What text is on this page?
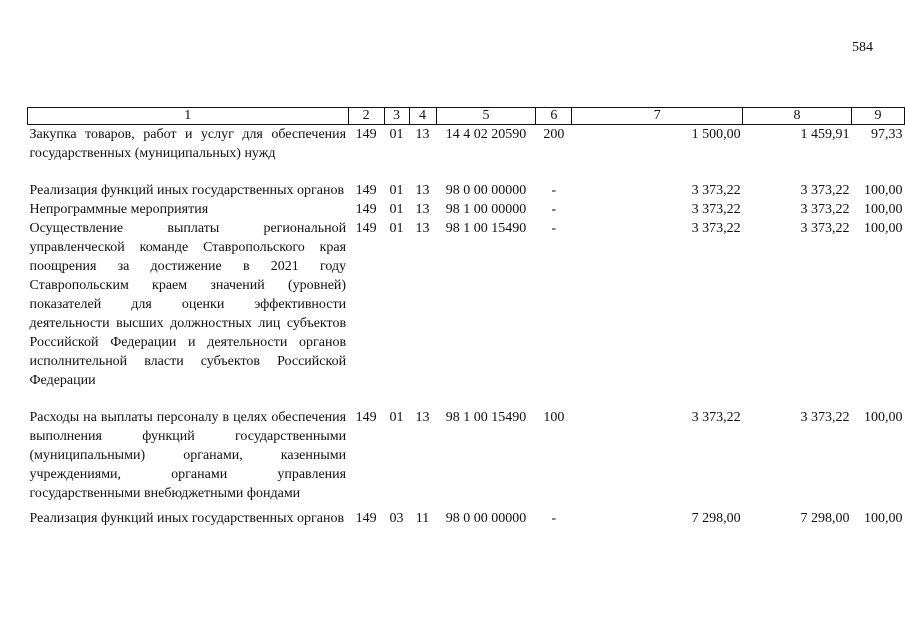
584
1	2	3	4	5	6	7	8	9
Закупка товаров, работ и услуг для обеспечения государственных (муниципальных) нужд	149	01	13	14 4 02 20590	200	1 500,00	1 459,91	97,33
Реализация функций иных государственных органов	149	01	13	98 0 00 00000	-	3 373,22	3 373,22	100,00
Непрограммные мероприятия	149	01	13	98 1 00 00000	-	3 373,22	3 373,22	100,00
Осуществление выплаты региональной управленческой команде Ставропольского края поощрения за достижение в 2021 году Ставропольским краем значений (уровней) показателей для оценки эффективности деятельности высших должностных лиц субъектов Российской Федерации и деятельности органов исполнительной власти субъектов Российской Федерации	149	01	13	98 1 00 15490	-	3 373,22	3 373,22	100,00
Расходы на выплаты персоналу в целях обеспечения выполнения функций государственными (муниципальными) органами, казенными учреждениями, органами управления государственными внебюджетными фондами	149	01	13	98 1 00 15490	100	3 373,22	3 373,22	100,00
Реализация функций иных государственных органов	149	03	11	98 0 00 00000	-	7 298,00	7 298,00	100,00
